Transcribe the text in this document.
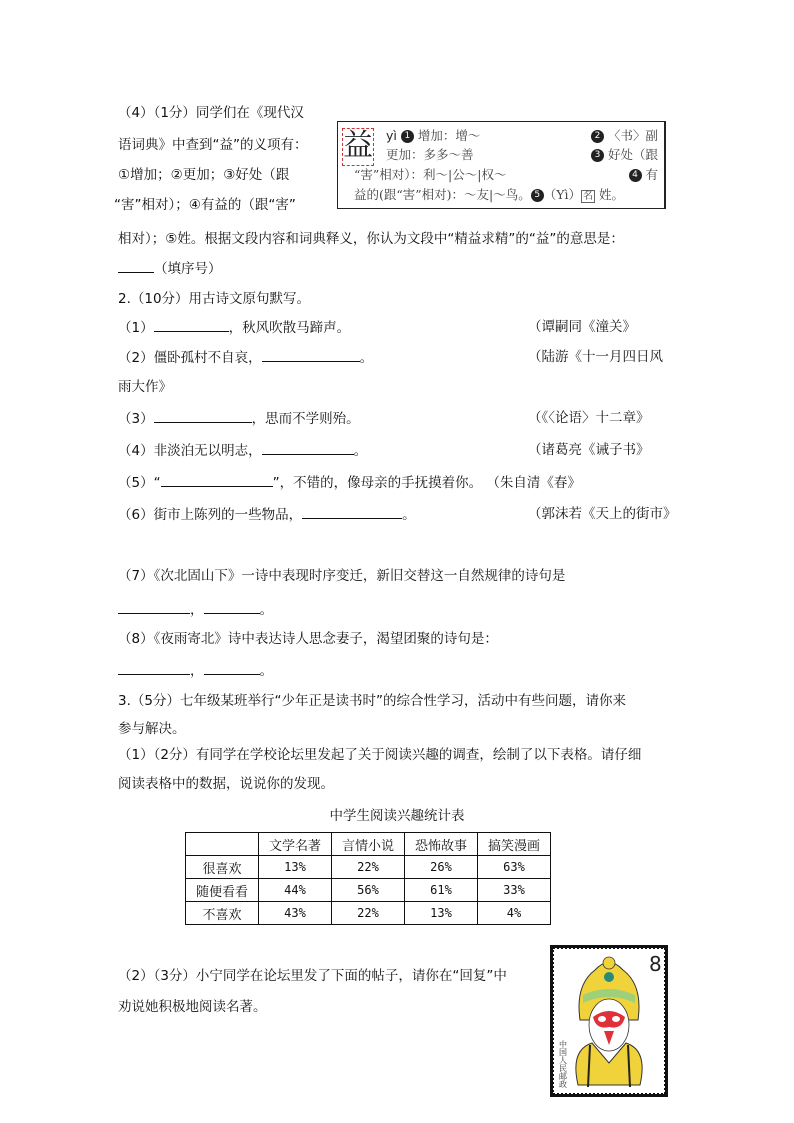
（4）（1分）同学们在《现代汉
语词典》中查到“益”的义项有：
①增加；②更加；③好处（跟
“害”相对）；④有益的（跟“害”
相对）；⑤姓。根据文段内容和词典释义，你认为文段中“精益求精”的“益”的意思是：
（填序号）
益 yì 1 增加：增～	2 〈书〉副
更加：多多～善	3 好处（跟
“害”相对）：利～|公～|权～	4 有
益的(跟“害”相对)：～友|～鸟。 5 （Yì） 名 姓。
2.（10分）用古诗文原句默写。
（1）	，秋风吹散马蹄声。	（谭嗣同《潼关》
（2）僵卧孤村不自哀，	。	（陆游《十一月四日风
雨大作》
（3）	，思而不学则殆。	（《〈论语〉十二章》
（4）非淡泊无以明志，	。	（诸葛亮《诫子书》
（5）“	”，不错的，像母亲的手抚摸着你。 （朱自清《春》
（6）街市上陈列的一些物品，	。	（郭沫若《天上的街市》
（7）《次北固山下》一诗中表现时序变迁，新旧交替这一自然规律的诗句是
，	。
（8）《夜雨寄北》诗中表达诗人思念妻子，渴望团聚的诗句是：
，	。
3.（5分）七年级某班举行“少年正是读书时”的综合性学习，活动中有些问题，请你来
参与解决。
（1）（2分）有同学在学校论坛里发起了关于阅读兴趣的调查，绘制了以下表格。请仔细
阅读表格中的数据，说说你的发现。
中学生阅读兴趣统计表
	文学名著	言情小说	恐怖故事	搞笑漫画
很喜欢	13%	22%	26%	63%
随便看看	44%	56%	61%	33%
不喜欢	43%	22%	13%	4%
（2）（3分）小宁同学在论坛里发了下面的帖子，请你在“回复”中
劝说她积极地阅读名著。
8
中国人民邮政
